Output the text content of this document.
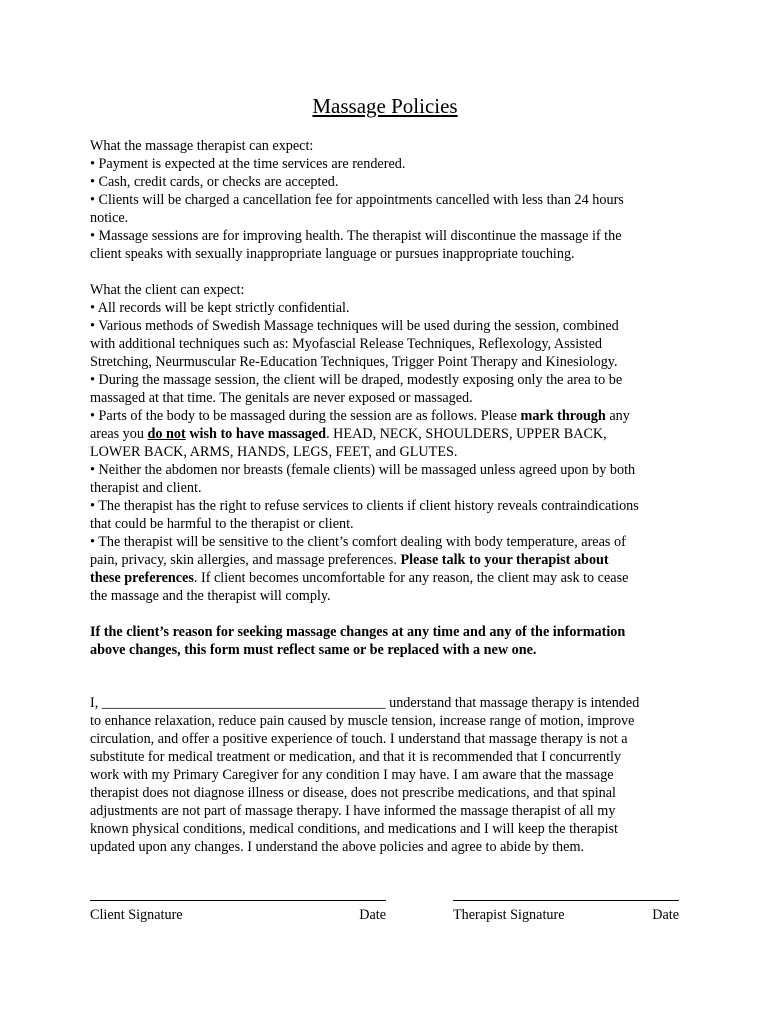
Massage Policies
What the massage therapist can expect:
• Payment is expected at the time services are rendered.
• Cash, credit cards, or checks are accepted.
• Clients will be charged a cancellation fee for appointments cancelled with less than 24 hours
notice.
• Massage sessions are for improving health. The therapist will discontinue the massage if the
client speaks with sexually inappropriate language or pursues inappropriate touching.
What the client can expect:
• All records will be kept strictly confidential.
• Various methods of Swedish Massage techniques will be used during the session, combined
with additional techniques such as: Myofascial Release Techniques, Reflexology, Assisted
Stretching, Neurmuscular Re-Education Techniques, Trigger Point Therapy and Kinesiology.
• During the massage session, the client will be draped, modestly exposing only the area to be
massaged at that time. The genitals are never exposed or massaged.
• Parts of the body to be massaged during the session are as follows. Please mark through any
areas you do not wish to have massaged. HEAD, NECK, SHOULDERS, UPPER BACK,
LOWER BACK, ARMS, HANDS, LEGS, FEET, and GLUTES.
• Neither the abdomen nor breasts (female clients) will be massaged unless agreed upon by both
therapist and client.
• The therapist has the right to refuse services to clients if client history reveals contraindications
that could be harmful to the therapist or client.
• The therapist will be sensitive to the client’s comfort dealing with body temperature, areas of
pain, privacy, skin allergies, and massage preferences. Please talk to your therapist about
these preferences. If client becomes uncomfortable for any reason, the client may ask to cease
the massage and the therapist will comply.
If the client’s reason for seeking massage changes at any time and any of the information
above changes, this form must reflect same or be replaced with a new one.
I, ________________________________________ understand that massage therapy is intended
to enhance relaxation, reduce pain caused by muscle tension, increase range of motion, improve
circulation, and offer a positive experience of touch. I understand that massage therapy is not a
substitute for medical treatment or medication, and that it is recommended that I concurrently
work with my Primary Caregiver for any condition I may have. I am aware that the massage
therapist does not diagnose illness or disease, does not prescribe medications, and that spinal
adjustments are not part of massage therapy. I have informed the massage therapist of all my
known physical conditions, medical conditions, and medications and I will keep the therapist
updated upon any changes. I understand the above policies and agree to abide by them.
Client Signature	Date	Therapist Signature	Date
